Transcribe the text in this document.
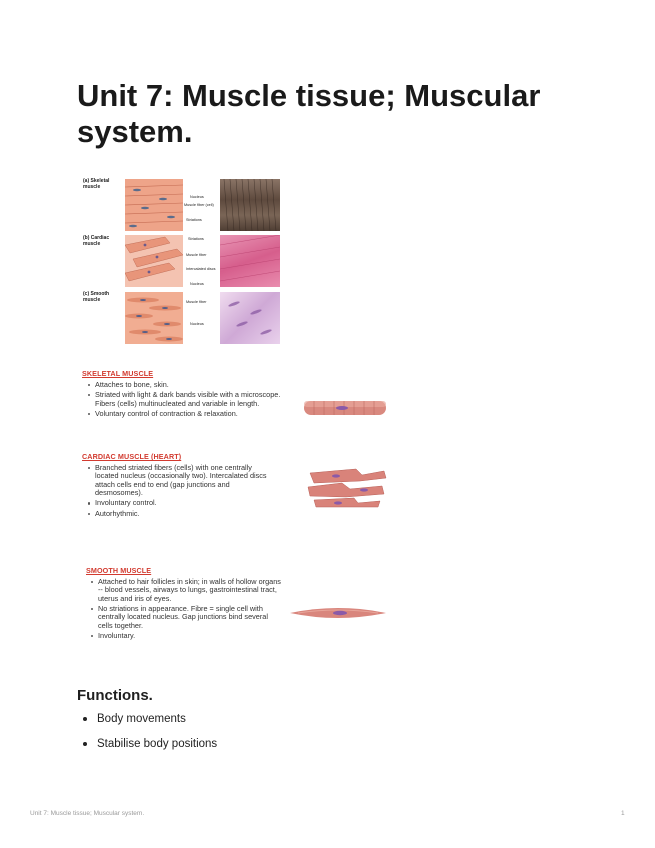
Unit 7: Muscle tissue; Muscular system.
(a) Skeletal muscle
(b) Cardiac muscle
(c) Smooth muscle
Nucleus
Muscle fiber (cell)
Striations
Striations
Muscle fiber
Intercalated discs
Nucleus
Muscle fiber
Nucleus
SKELETAL MUSCLE
Attaches to bone, skin.
Striated with light & dark bands visible with a microscope. Fibers (cells) multinucleated and variable in length.
Voluntary control of contraction & relaxation.
CARDIAC MUSCLE (HEART)
Branched striated fibers (cells) with one centrally located nucleus (occasionally two). Intercalated discs attach cells end to end (gap junctions and desmosomes).
Involuntary control.
Autorhythmic.
SMOOTH MUSCLE
Attached to hair follicles in skin; in walls of hollow organs -- blood vessels, airways to lungs, gastrointestinal tract, uterus and iris of eyes.
No striations in appearance. Fibre = single cell with centrally located nucleus. Gap junctions bind several cells together.
Involuntary.
Functions.
Body movements
Stabilise body positions
Unit 7: Muscle tissue; Muscular system.	1
